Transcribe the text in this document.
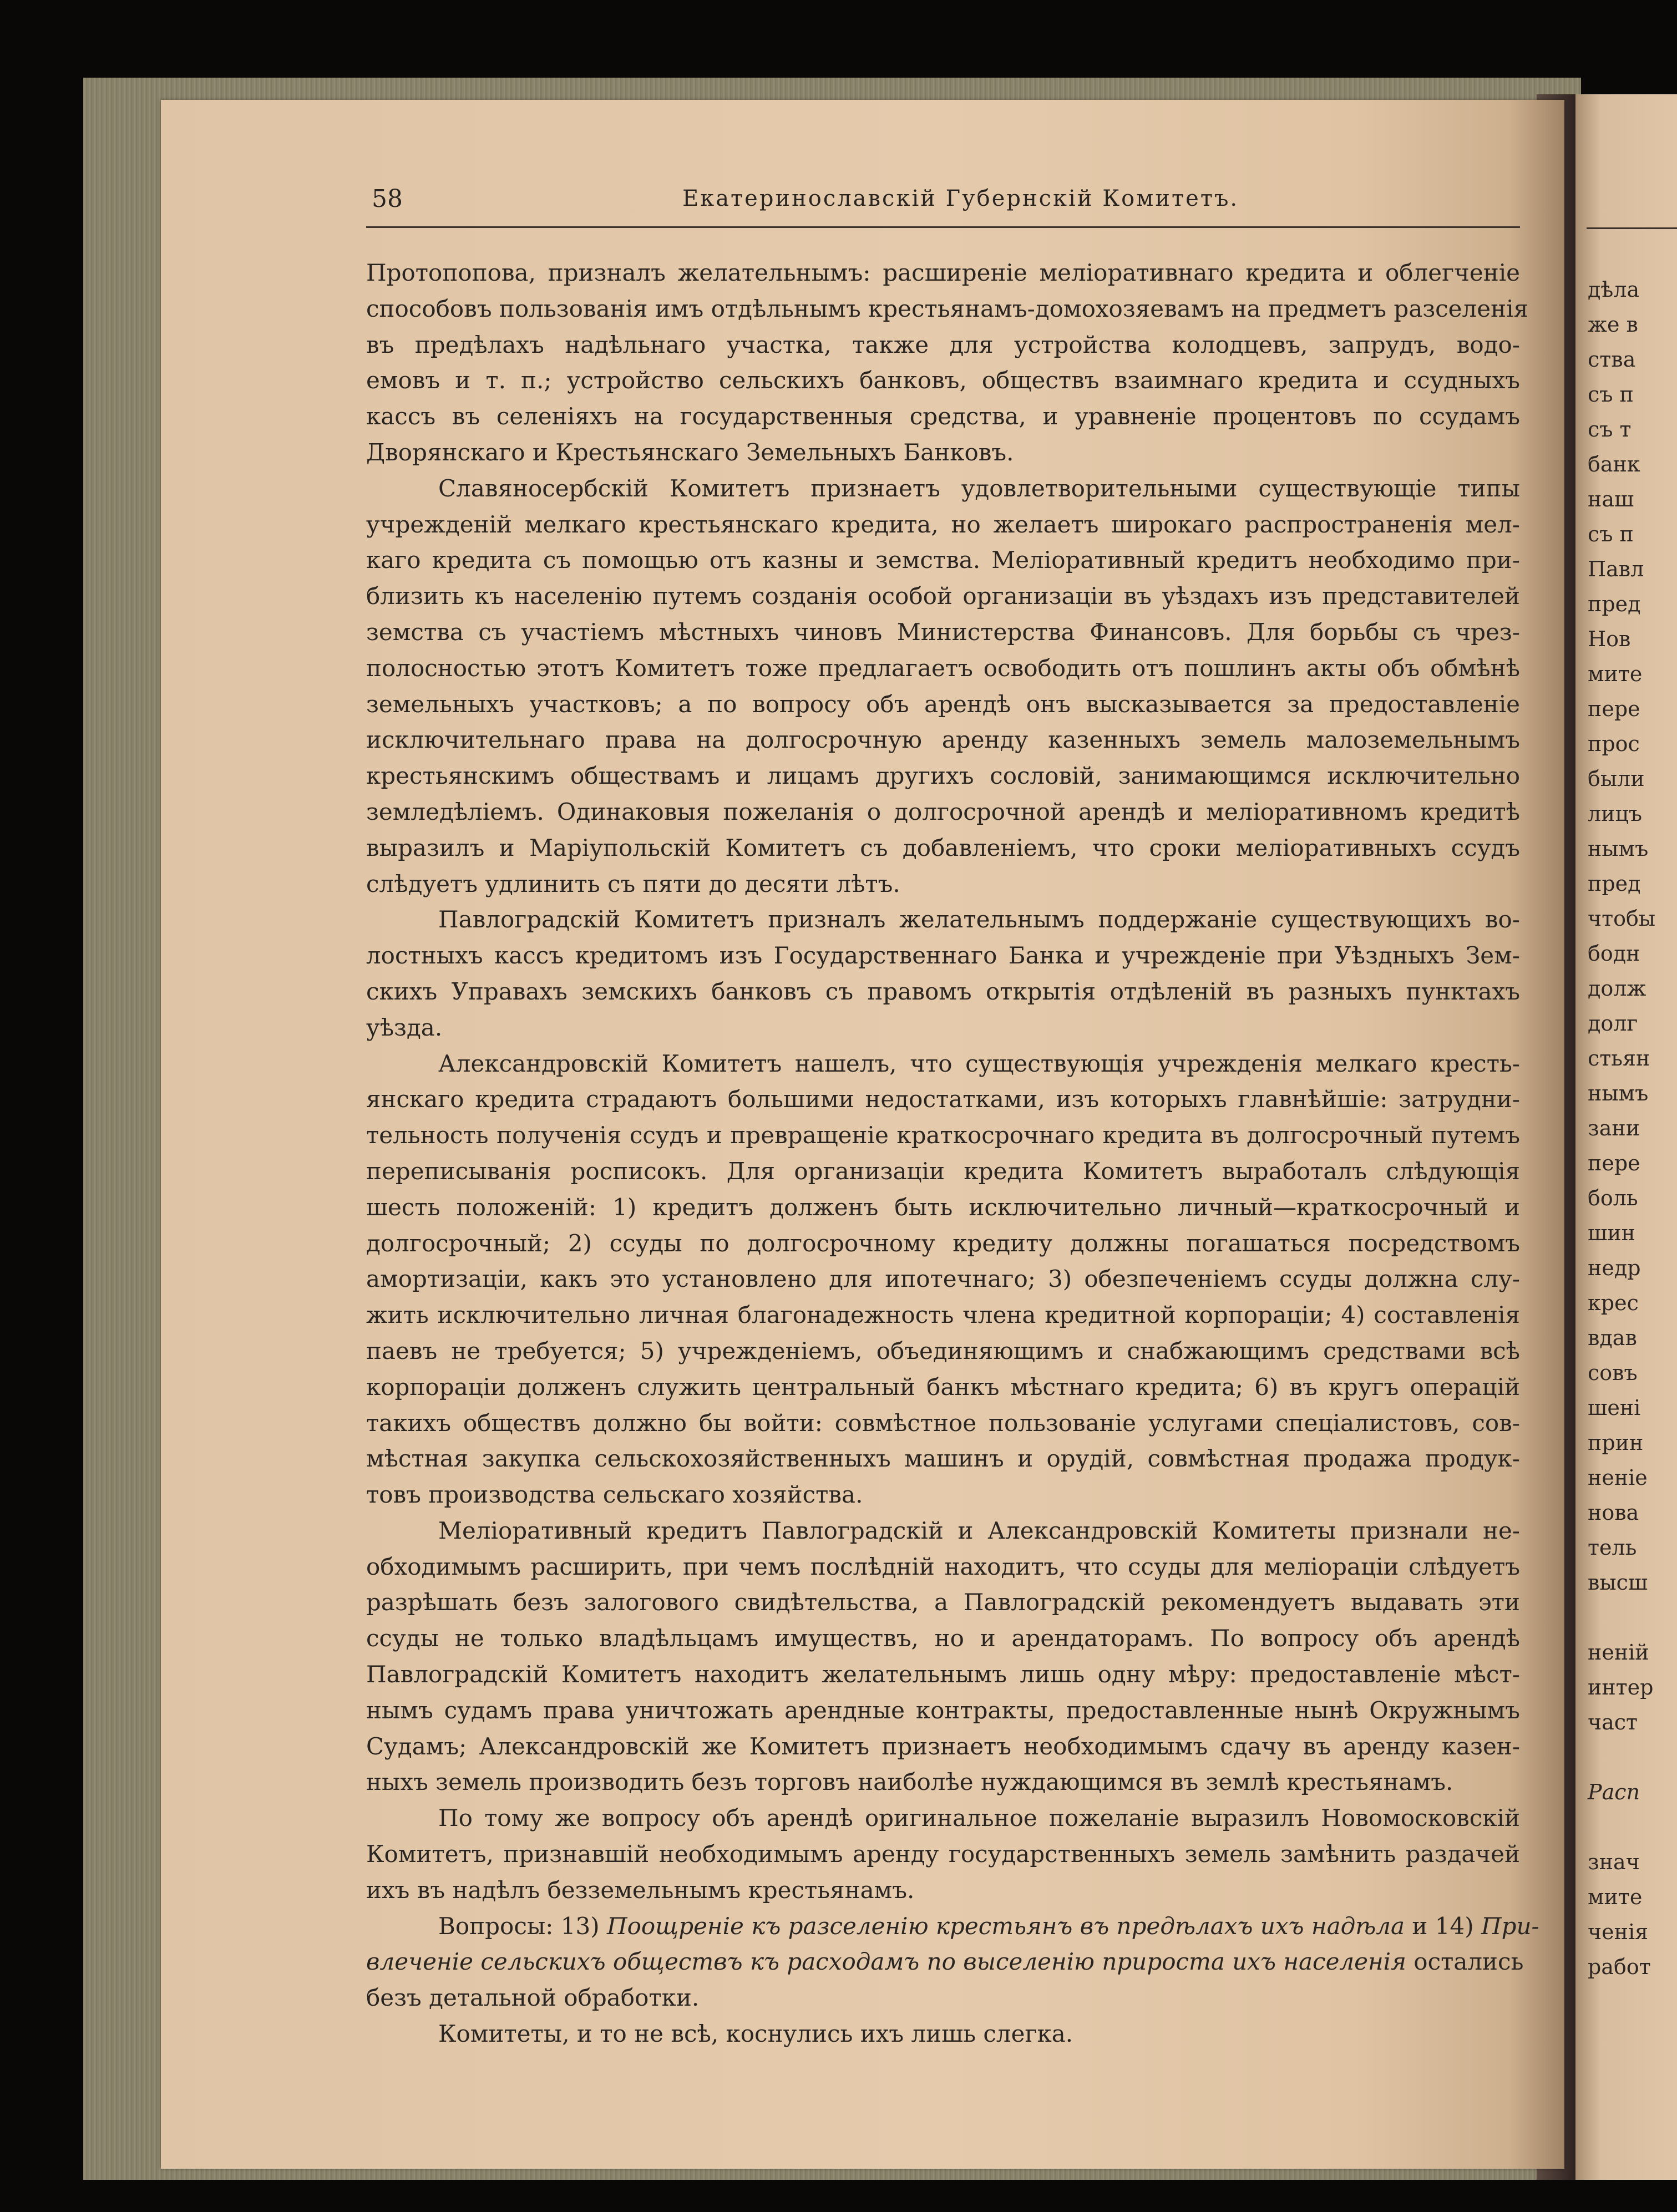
дѣла
же в
ства
съ п
съ т
банк
наш
съ п
Павл
пред
Нов
мите
пере
прос
были
лицъ
нымъ
пред
чтобы
бодн
долж
долг
стьян
нымъ
зани
пере
боль
шин
недр
крес
вдав
совъ
шені
прин
неніе
нова
тель
высш
неній
интер
част
Расп
знач
мите
ченія
работ
58	Екатеринославскій Губернскій Комитетъ.
Протопопова, призналъ желательнымъ: расширеніе меліоративнаго кредита и облегченіе
способовъ пользованія имъ отдѣльнымъ крестьянамъ-домохозяевамъ на предметъ разселенія
въ предѣлахъ надѣльнаго участка, также для устройства колодцевъ, запрудъ, водо-
емовъ и т. п.; устройство сельскихъ банковъ, обществъ взаимнаго кредита и ссудныхъ
кассъ въ селеніяхъ на государственныя средства, и уравненіе процентовъ по ссудамъ
Дворянскаго и Крестьянскаго Земельныхъ Банковъ.
Славяносербскій Комитетъ признаетъ удовлетворительными существующіе типы
учрежденій мелкаго крестьянскаго кредита, но желаетъ широкаго распространенія мел-
каго кредита съ помощью отъ казны и земства. Меліоративный кредитъ необходимо при-
близить къ населенію путемъ созданія особой организаціи въ уѣздахъ изъ представителей
земства съ участіемъ мѣстныхъ чиновъ Министерства Финансовъ. Для борьбы съ чрез-
полосностью этотъ Комитетъ тоже предлагаетъ освободить отъ пошлинъ акты объ обмѣнѣ
земельныхъ участковъ; а по вопросу объ арендѣ онъ высказывается за предоставленіе
исключительнаго права на долгосрочную аренду казенныхъ земель малоземельнымъ
крестьянскимъ обществамъ и лицамъ другихъ сословій, занимающимся исключительно
земледѣліемъ. Одинаковыя пожеланія о долгосрочной арендѣ и меліоративномъ кредитѣ
выразилъ и Маріупольскій Комитетъ съ добавленіемъ, что сроки меліоративныхъ ссудъ
слѣдуетъ удлинить съ пяти до десяти лѣтъ.
Павлоградскій Комитетъ призналъ желательнымъ поддержаніе существующихъ во-
лостныхъ кассъ кредитомъ изъ Государственнаго Банка и учрежденіе при Уѣздныхъ Зем-
скихъ Управахъ земскихъ банковъ съ правомъ открытія отдѣленій въ разныхъ пунктахъ
уѣзда.
Александровскій Комитетъ нашелъ, что существующія учрежденія мелкаго кресть-
янскаго кредита страдаютъ большими недостатками, изъ которыхъ главнѣйшіе: затрудни-
тельность полученія ссудъ и превращеніе краткосрочнаго кредита въ долгосрочный путемъ
переписыванія росписокъ. Для организаціи кредита Комитетъ выработалъ слѣдующія
шесть положеній: 1) кредитъ долженъ быть исключительно личный—краткосрочный и
долгосрочный; 2) ссуды по долгосрочному кредиту должны погашаться посредствомъ
амортизаціи, какъ это установлено для ипотечнаго; 3) обезпеченіемъ ссуды должна слу-
жить исключительно личная благонадежность члена кредитной корпораціи; 4) составленія
паевъ не требуется; 5) учрежденіемъ, объединяющимъ и снабжающимъ средствами всѣ
корпораціи долженъ служить центральный банкъ мѣстнаго кредита; 6) въ кругъ операцій
такихъ обществъ должно бы войти: совмѣстное пользованіе услугами спеціалистовъ, сов-
мѣстная закупка сельскохозяйственныхъ машинъ и орудій, совмѣстная продажа продук-
товъ производства сельскаго хозяйства.
Меліоративный кредитъ Павлоградскій и Александровскій Комитеты признали не-
обходимымъ расширить, при чемъ послѣдній находитъ, что ссуды для меліораціи слѣдуетъ
разрѣшать безъ залогового свидѣтельства, а Павлоградскій рекомендуетъ выдавать эти
ссуды не только владѣльцамъ имуществъ, но и арендаторамъ. По вопросу объ арендѣ
Павлоградскій Комитетъ находитъ желательнымъ лишь одну мѣру: предоставленіе мѣст-
нымъ судамъ права уничтожать арендные контракты, предоставленные нынѣ Окружнымъ
Судамъ; Александровскій же Комитетъ признаетъ необходимымъ сдачу въ аренду казен-
ныхъ земель производить безъ торговъ наиболѣе нуждающимся въ землѣ крестьянамъ.
По тому же вопросу объ арендѣ оригинальное пожеланіе выразилъ Новомосковскій
Комитетъ, признавшій необходимымъ аренду государственныхъ земель замѣнить раздачей
ихъ въ надѣлъ безземельнымъ крестьянамъ.
Вопросы: 13) Поощреніе къ разселенію крестьянъ въ предѣлахъ ихъ надѣла и 14) При-
влеченіе сельскихъ обществъ къ расходамъ по выселенію прироста ихъ населенія остались
безъ детальной обработки.
Комитеты, и то не всѣ, коснулись ихъ лишь слегка.
